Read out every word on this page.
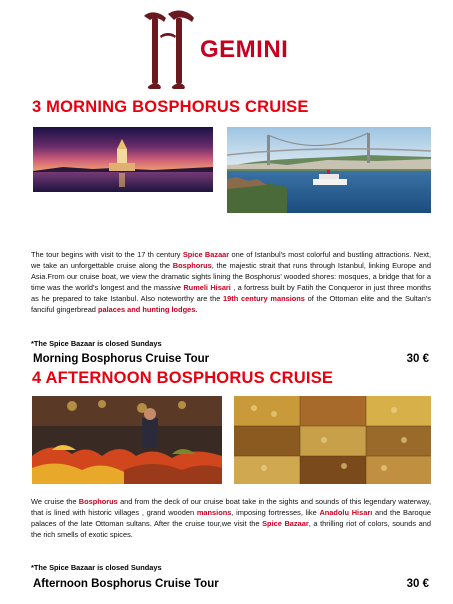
GEMINI
3 MORNING BOSPHORUS CRUISE
The tour begins with visit to the 17 th century Spice Bazaar one of Istanbul's most colorful and bustling attractions. Next, we take an unforgettable cruise along the Bosphorus, the majestic strait that runs through Istanbul, linking Europe and Asia.From our cruise boat, we view the dramatic sights lining the Bosphorus' wooded shores: mosques, a bridge that for a time was the world's longest and the massive Rumeli Hisari , a fortress built by Fatih the Conqueror in just three months as he prepared to take Istanbul. Also noteworthy are the 19th century mansions of the Ottoman elite and the Sultan's fanciful gingerbread palaces and hunting lodges.
*The Spice Bazaar is closed Sundays
Morning Bosphorus Cruise Tour	30 €
4 AFTERNOON BOSPHORUS CRUISE
We cruise the Bosphorus and from the deck of our cruise boat take in the sights and sounds of this legendary waterway, that is lined with historic villages , grand wooden mansions, imposing fortresses, like Anadolu Hisarı and the Baroque palaces of the late Ottoman sultans. After the cruise tour,we visit the Spice Bazaar, a thrilling riot of colors, sounds and the rich smells of exotic spices.
*The Spice Bazaar is closed Sundays
Afternoon Bosphorus Cruise Tour	30 €
